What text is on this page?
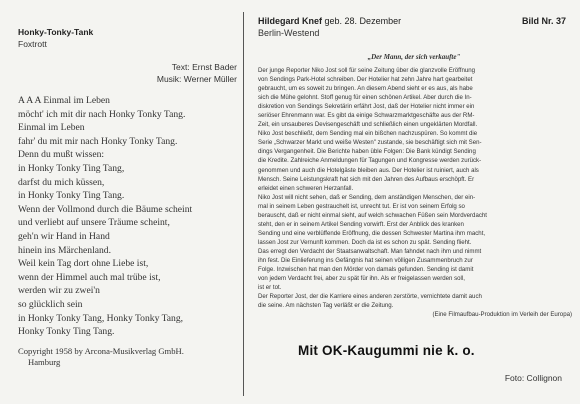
Honky-Tonky-Tank
Foxtrott
Text: Ernst Bader
Musik: Werner Müller
A A A Einmal im Leben
möcht' ich mit dir nach Honky Tonky Tang.
Einmal im Leben
fahr' du mit mir nach Honky Tonky Tang.
Denn du mußt wissen:
in Honky Tonky Ting Tang,
darfst du mich küssen,
in Honky Tonky Ting Tang.
Wenn der Vollmond durch die Bäume scheint
und verliebt auf unsere Träume scheint,
geh'n wir Hand in Hand
hinein ins Märchenland.
Weil kein Tag dort ohne Liebe ist,
wenn der Himmel auch mal trübe ist,
werden wir zu zwei'n
so glücklich sein
in Honky Tonky Tang, Honky Tonky Tang,
Honky Tonky Ting Tang.
Copyright 1958 by Arcona-Musikverlag GmbH.
Hamburg
Hildegard Knef geb. 28. Dezember
Berlin-Westend
Bild Nr. 37
„Der Mann, der sich verkaufte"
Der junge Reporter Niko Jost soll für seine Zeitung über die glanzvolle Eröffnung
von Sendings Park-Hotel schreiben. Der Hotelier hat zehn Jahre hart gearbeitet
gebraucht, um es soweit zu bringen. An diesem Abend sieht er es aus, als habe
sich die Mühe gelohnt. Stoff genug für einen schönen Artikel. Aber durch die In-
diskretion von Sendings Sekretärin erfährt Jost, daß der Hotelier nicht immer ein
seriöser Ehrenmann war. Es gibt da einige Schwarzmarktgeschäfte aus der RM-
Zeit, ein unsauberes Devisengeschäft und schließlich einen ungeklärten Mordfall.
Niko Jost beschließt, dem Sending mal ein bißchen nachzuspüren. So kommt die
Serie „Schwarzer Markt und weiße Westen" zustande, sie beschäftigt sich mit Sen-
dings Vergangenheit. Die Berichte haben üble Folgen: Die Bank kündigt Sending
die Kredite. Zahlreiche Anmeldungen für Tagungen und Kongresse werden zurück-
genommen und auch die Hotelgäste bleiben aus. Der Hotelier ist ruiniert, auch als
Mensch. Seine Leistungskraft hat sich mit den Jahren des Aufbaus erschöpft. Er
erleidet einen schweren Herzanfall.
Niko Jost will nicht sehen, daß er Sending, dem anständigen Menschen, der ein-
mal in seinem Leben gestrauchelt ist, unrecht tut. Er ist von seinem Erfolg so
berauscht, daß er nicht einmal sieht, auf welch schwachen Füßen sein Mordverdacht
steht, den er in seinem Artikel Sending vorwirft. Erst der Anblick des kranken
Sending und eine verblüffende Eröffnung, die dessen Schwester Martina ihm macht,
lassen Jost zur Vernunft kommen. Doch da ist es schon zu spät. Sending flieht.
Das erregt den Verdacht der Staatsanwaltschaft. Man fahndet nach ihm und nimmt
ihn fest. Die Einlieferung ins Gefängnis hat seinen völligen Zusammenbruch zur
Folge. Inzwischen hat man den Mörder von damals gefunden. Sending ist damit
von jedem Verdacht frei, aber zu spät für ihn. Als er freigelassen werden soll,
ist er tot.
Der Reporter Jost, der die Karriere eines anderen zerstörte, vernichtete damit auch
die seine. Am nächsten Tag verläßt er die Zeitung.
(Eine Filmaufbau-Produktion im Verleih der Europa)
Mit OK-Kaugummi nie k. o.
Foto: Collignon
